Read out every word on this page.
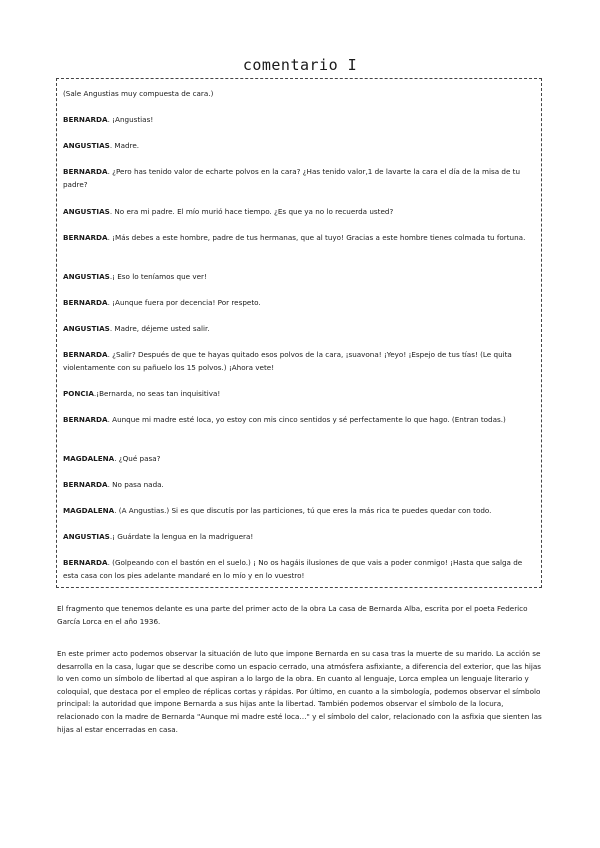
comentario I
(Sale Angustias muy compuesta de cara.)
BERNARDA. ¡Angustias!
ANGUSTIAS. Madre.
BERNARDA. ¿Pero has tenido valor de echarte polvos en la cara? ¿Has tenido valor,1 de lavarte la cara el día de la misa de tu padre?
ANGUSTIAS. No era mi padre. El mío murió hace tiempo. ¿Es que ya no lo recuerda usted?
BERNARDA. ¡Más debes a este hombre, padre de tus hermanas, que al tuyo! Gracias a este hombre tienes colmada tu fortuna.
ANGUSTIAS.¡ Eso lo teníamos que ver!
BERNARDA. ¡Aunque fuera por decencia! Por respeto.
ANGUSTIAS. Madre, déjeme usted salir.
BERNARDA. ¿Salir? Después de que te hayas quitado esos polvos de la cara, ¡suavona! ¡Yeyo! ¡Espejo de tus tías! (Le quita violentamente con su pañuelo los 15 polvos.) ¡Ahora vete!
PONCIA.¡Bernarda, no seas tan inquisitiva!
BERNARDA. Aunque mi madre esté loca, yo estoy con mis cinco sentidos y sé perfectamente lo que hago. (Entran todas.)
MAGDALENA. ¿Qué pasa?
BERNARDA. No pasa nada.
MAGDALENA. (A Angustias.) Si es que discutís por las particiones, tú que eres la más rica te puedes quedar con todo.
ANGUSTIAS.¡ Guárdate la lengua en la madriguera!
BERNARDA. (Golpeando con el bastón en el suelo.) ¡ No os hagáis ilusiones de que vais a poder conmigo! ¡Hasta que salga de esta casa con los pies adelante mandaré en lo mío y en lo vuestro!
El fragmento que tenemos delante es una parte del primer acto de la obra La casa de Bernarda Alba, escrita por el poeta Federico García Lorca en el año 1936.
En este primer acto podemos observar la situación de luto que impone Bernarda en su casa tras la muerte de su marido. La acción se desarrolla en la casa, lugar que se describe como un espacio cerrado, una atmósfera asfixiante, a diferencia del exterior, que las hijas lo ven como un símbolo de libertad al que aspiran a lo largo de la obra. En cuanto al lenguaje, Lorca emplea un lenguaje literario y coloquial, que destaca por el empleo de réplicas cortas y rápidas. Por último, en cuanto a la simbología, podemos observar el símbolo principal: la autoridad que impone Bernarda a sus hijas ante la libertad. También podemos observar el símbolo de la locura, relacionado con la madre de Bernarda "Aunque mi madre esté loca…" y el símbolo del calor, relacionado con la asfixia que sienten las hijas al estar encerradas en casa.
